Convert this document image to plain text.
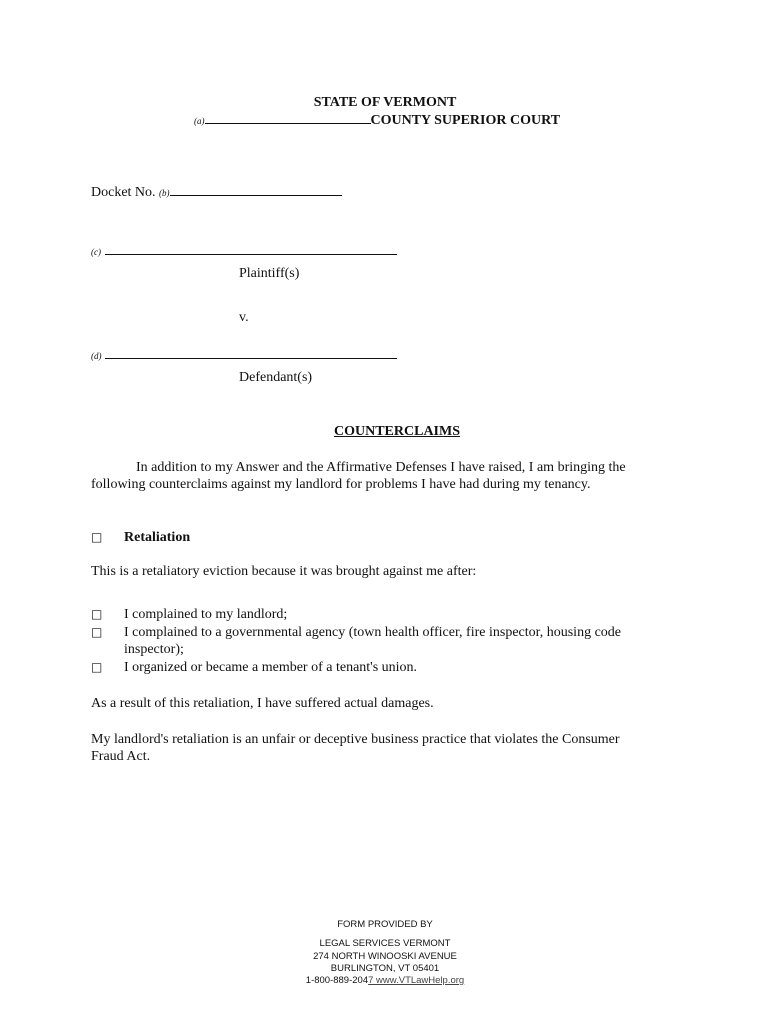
STATE OF VERMONT
(a)	COUNTY SUPERIOR COURT
Docket No. (b)
(c)
Plaintiff(s)
v.
(d)
Defendant(s)
COUNTERCLAIMS
In addition to my Answer and the Affirmative Defenses I have raised, I am bringing the
following counterclaims against my landlord for problems I have had during my tenancy.
□ Retaliation
This is a retaliatory eviction because it was brought against me after:
□ I complained to my landlord;
□ I complained to a governmental agency (town health officer, fire inspector, housing code
inspector);
□ I organized or became a member of a tenant's union.
As a result of this retaliation, I have suffered actual damages.
My landlord's retaliation is an unfair or deceptive business practice that violates the Consumer
Fraud Act.
FORM PROVIDED BY
LEGAL SERVICES VERMONT
274 NORTH WINOOSKI AVENUE
BURLINGTON, VT 05401
1-800-889-2047 www.VTLawHelp.org
